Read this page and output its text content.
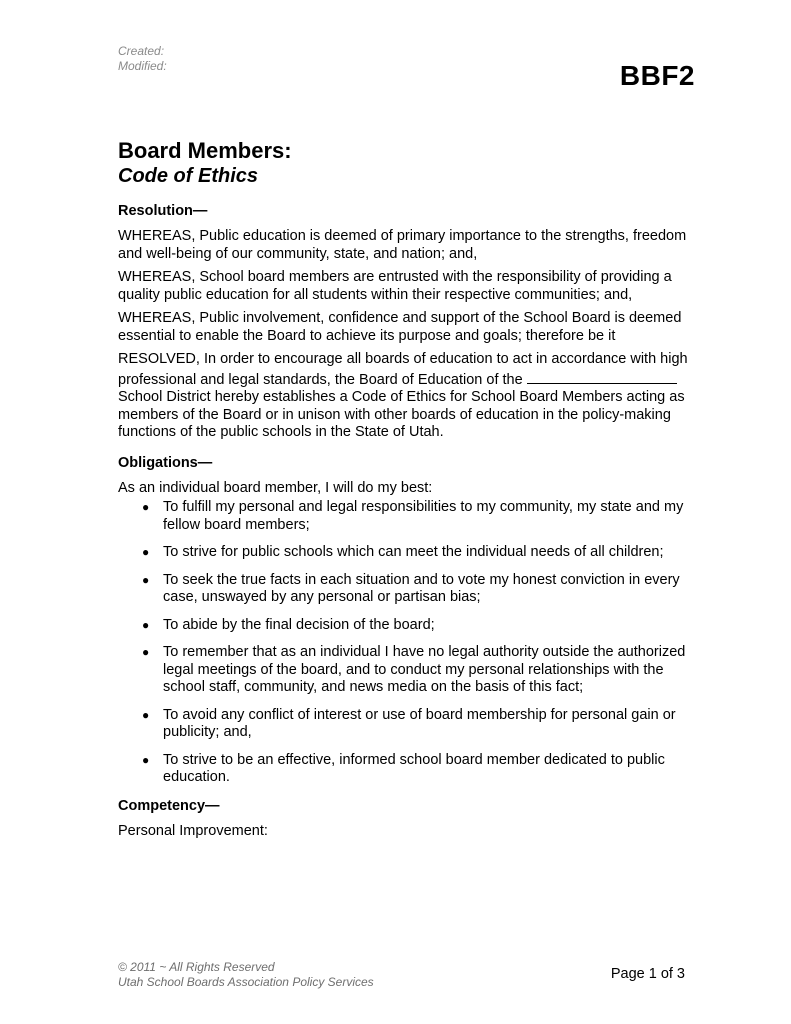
Created:
Modified:	BBF2
Board Members:
Code of Ethics
Resolution—

WHEREAS, Public education is deemed of primary importance to the strengths, freedom and well-being of our community, state, and nation; and,

WHEREAS, School board members are entrusted with the responsibility of providing a quality public education for all students within their respective communities; and,

WHEREAS, Public involvement, confidence and support of the School Board is deemed essential to enable the Board to achieve its purpose and goals; therefore be it

RESOLVED, In order to encourage all boards of education to act in accordance with high professional and legal standards, the Board of Education of the School District hereby establishes a Code of Ethics for School Board Members acting as members of the Board or in unison with other boards of education in the policy-making functions of the public schools in the State of Utah.

Obligations—

As an individual board member, I will do my best:

● To fulfill my personal and legal responsibilities to my community, my state and my fellow board members;
● To strive for public schools which can meet the individual needs of all children;
● To seek the true facts in each situation and to vote my honest conviction in every case, unswayed by any personal or partisan bias;
● To abide by the final decision of the board;
● To remember that as an individual I have no legal authority outside the authorized legal meetings of the board, and to conduct my personal relationships with the school staff, community, and news media on the basis of this fact;
● To avoid any conflict of interest or use of board membership for personal gain or publicity; and,
● To strive to be an effective, informed school board member dedicated to public education.
Competency—

Personal Improvement:

© 2011 ~ All Rights Reserved
Utah School Boards Association Policy Services	Page 1 of 3
